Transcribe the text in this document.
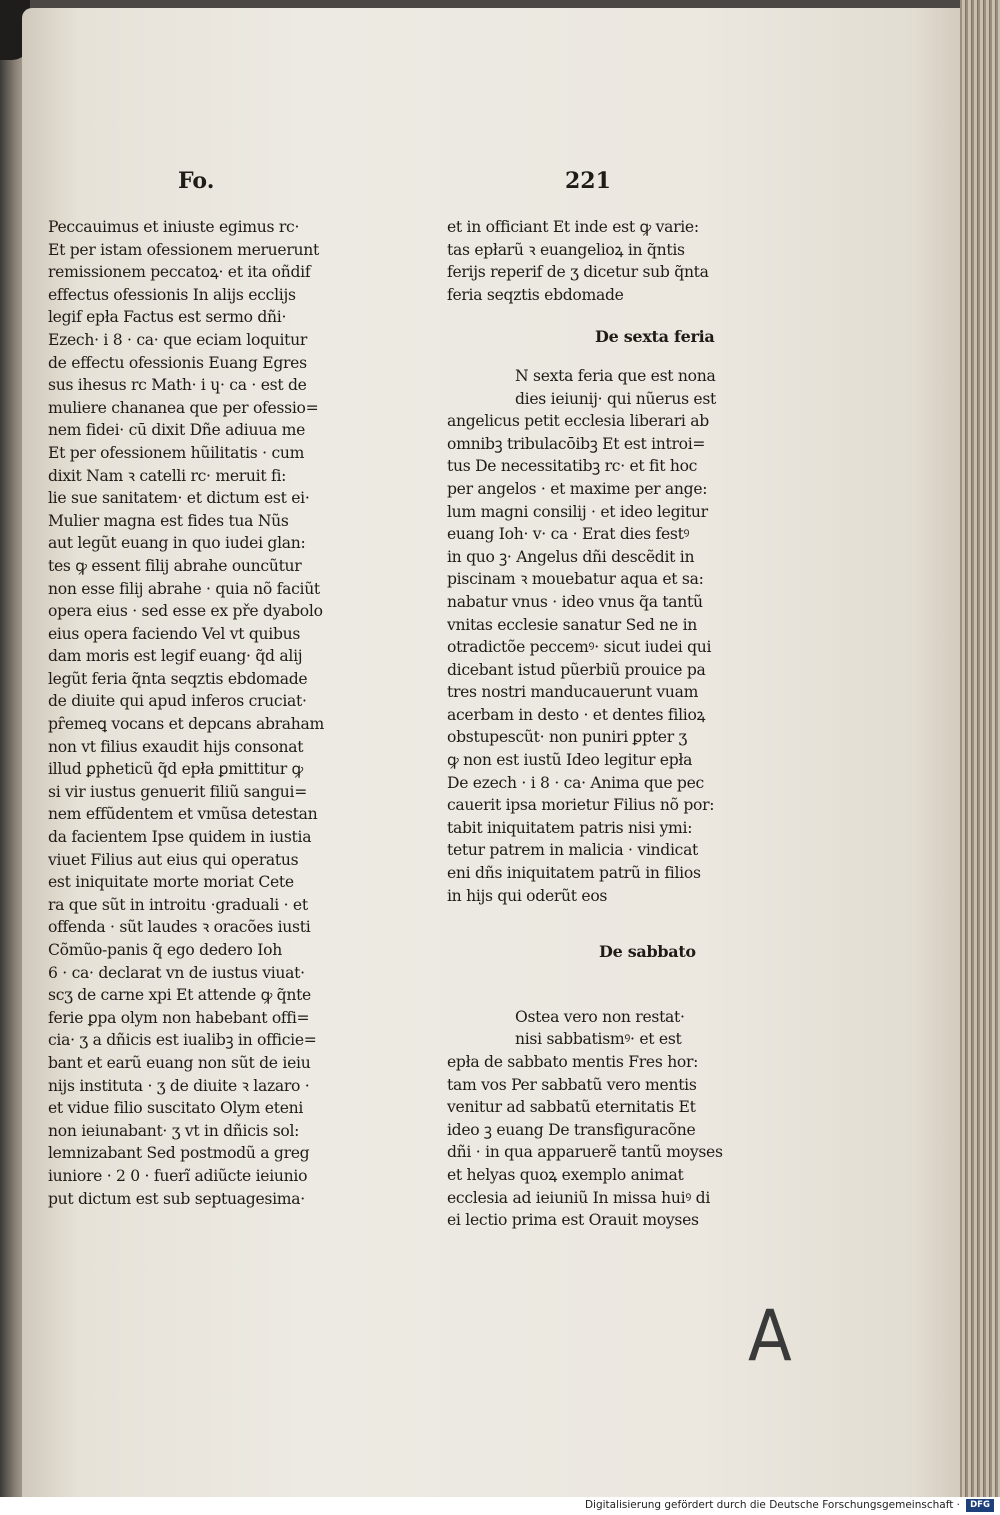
Fo.	221
Peccauimus et iniuste egimus rc·
Et per istam ofessionem meruerunt
remissionem peccatoꝝ· et ita oñdif
effectus ofessionis In alijs ecclijs
legif epła Factus est sermo dñi·
Ezech· i 8 · ca· que eciam loquitur
de effectu ofessionis Euang Egres
sus ihesus rc Math· i ɥ· ca · est de
muliere chananea que per ofessio=
nem fidei· cū dixit Dñe adiuua me
Et per ofessionem hũilitatis · cum
dixit Nam ꝛ catelli rc· meruit fi:
lie sue sanitatem· et dictum est ei·
Mulier magna est fides tua Nũs
aut legũt euang in quo iudei glan:
tes ꝙ essent filij abrahe ouncũtur
non esse filij abrahe · quia nõ faciũt
opera eius · sed esse ex pře dyabolo
eius opera faciendo Vel vt quibus
dam moris est legif euang· q̃d alij
legũt feria q̃nta seqztis ebdomade
de diuite qui apud inferos cruciat·
pȓemeꝗ vocans et depcans abraham
non vt filius exaudit hijs consonat
illud ꝑpheticũ q̃d epła ꝑmittitur ꝙ
si vir iustus genuerit filiũ sangui=
nem effũdentem et vmũsa detestan
da facientem Ipse quidem in iustia
viuet Filius aut eius qui operatus
est iniquitate morte moriat Cete
ra que sũt in introitu ·graduali · et
offenda · sũt laudes ꝛ oracões iusti
Cõmũo-panis q̃ ego dedero Ioh
6 · ca· declarat vn de iustus viuat·
scʒ de carne xpi Et attende ꝙ q̃nte
ferie ꝑpa olym non habebant offi=
cia· ʒ a dñicis est iualibꝫ in officie=
bant et earũ euang non sũt de ieiu
nijs instituta · ʒ de diuite ꝛ lazaro ·
et vidue filio suscitato Olym eteni
non ieiunabant· ʒ vt in dñicis sol:
lemnizabant Sed postmodũ a greg
iuniore · 2 0 · fuerĩ adiũcte ieiunio
put dictum est sub septuagesima·
et in officiant Et inde est ꝙ varie:
tas epłarũ ꝛ euangelioꝝ in q̃ntis
ferijs reperif de ʒ dicetur sub q̃nta
feria seqztis ebdomade
De sexta feria
N sexta feria que est nona
dies ieiunij· qui nũerus est
angelicus petit ecclesia liberari ab
omnibꝫ tribulacōibꝫ Et est introi=
tus De necessitatibꝫ rc· et fit hoc
per angelos · et maxime per ange:
lum magni consilij · et ideo legitur
euang Ioh· v· ca · Erat dies festꝰ
in quo ꝫ· Angelus dñi descẽdit in
piscinam ꝛ mouebatur aqua et sa:
nabatur vnus · ideo vnus q̃a tantũ
vnitas ecclesie sanatur Sed ne in
otradictõe peccemꝰ· sicut iudei qui
dicebant istud pũerbiũ prouice pa
tres nostri manducauerunt vuam
acerbam in desto · et dentes filioꝝ
obstupescũt· non puniri ꝑpter ʒ
ꝙ non est iustũ Ideo legitur epła
De ezech · i 8 · ca· Anima que pec
cauerit ipsa morietur Filius nõ por:
tabit iniquitatem patris nisi ymi:
tetur patrem in malicia · vindicat
eni dñs iniquitatem patrũ in filios
in hijs qui oderũt eos
De sabbato
Ostea vero non restat·
nisi sabbatismꝰ· et est
epła de sabbato mentis Fres hor:
tam vos Per sabbatũ vero mentis
venitur ad sabbatũ eternitatis Et
ideo ꝫ euang De transfiguracõne
dñi · in qua apparuerẽ tantũ moyses
et helyas quoꝝ exemplo animat
ecclesia ad ieiuniũ In missa huiꝰ di
ei lectio prima est Orauit moyses
A
Digitalisierung gefördert durch die Deutsche Forschungsgemeinschaft ·	DFG
